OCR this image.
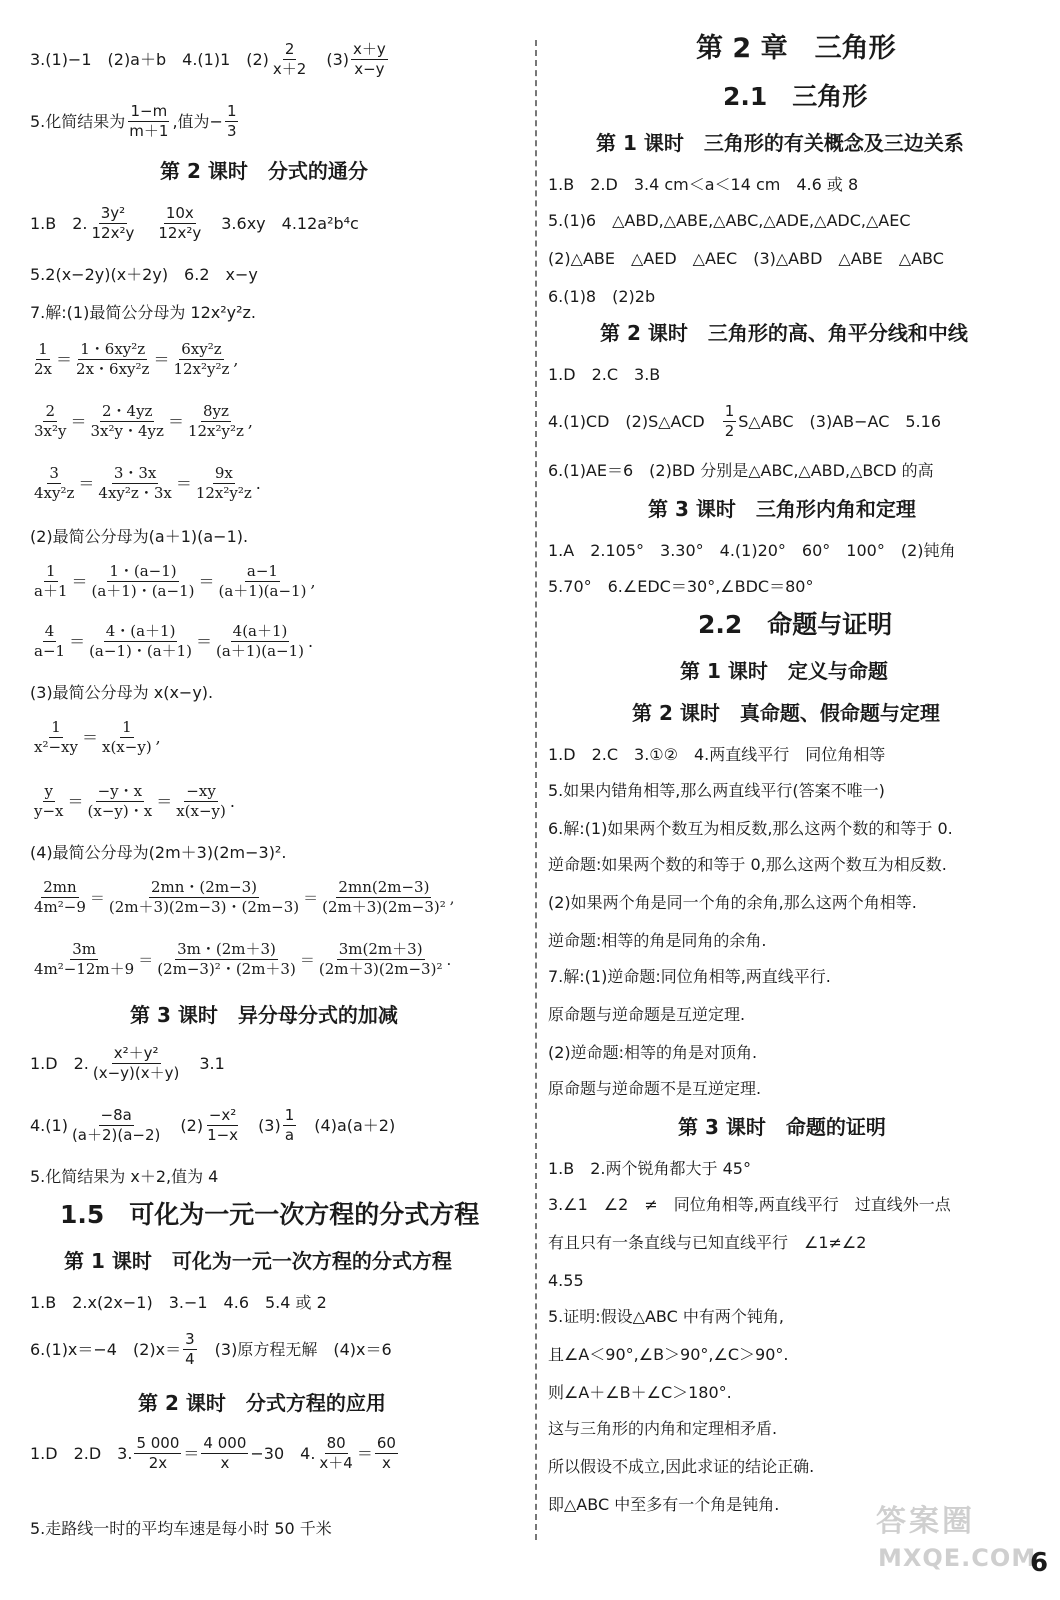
3.(1)−1　(2)a＋b　4.(1)1　$(2) \frac{2}{x+2}$ 　$(3) \frac{x+y}{x-y}$
5.化简结果为 $\frac{1-m}{m+1}$ ,值为− $\frac{1}{3}$
第 2 课时　分式的通分
1.B　2. $\frac{\text{3y²}}{\text{12x²y}}$
　 $\frac{10x}{\text{12x²y}}$ 　3.6xy　4.12a²b⁴c
5.2(x−2y)(x＋2y)　6.2　x−y
7.解:(1)最简公分母为 12x²y²z.
$\frac{1}{2x} = \frac{\text{1・6xy²z}}{\text{2x・6xy²z}} = \frac{\text{6xy²z}}{\text{12x²y²z}}$ ,
$\frac{2}{\text{3x²y}} = \frac{2・4yz}{\text{3x²y・4yz}} = \frac{8yz}{\text{12x²y²z}}$ ,
$\frac{3}{\text{4xy²z}} = \frac{3・3x}{\text{4xy²z・3x}} = \frac{9x}{\text{12x²y²z}}$ .
(2)最简公分母为(a＋1)(a−1).
$\frac{1}{a+1} = \frac{1・(a-1)}{(a+1)・(a-1)} = \frac{a-1}{(a+1)(a-1)}$ ,
$\frac{4}{a-1} = \frac{4・(a+1)}{(a-1)・(a+1)} = \frac{4(a+1)}{(a+1)(a-1)}$ .
(3)最简公分母为 x(x−y).
$\frac{1}{\text{x²−xy}} = \frac{1}{x(x-y)}$ ,
$\frac{y}{y-x} = \frac{-y・x}{(x-y)・x} = \frac{-xy}{x(x-y)}$ .
(4)最简公分母为(2m＋3)(2m−3)².
$\frac{2mn}{\text{4m²−9}} = \frac{2mn・(2m-3)}{(2m+3)(2m-3)・(2m-3)} = \frac{2mn(2m-3)}{\text{(2m＋3)(2m−3)²}}$ ,
$\frac{3m}{\text{4m²−12m＋9}} = \frac{3m・(2m+3)}{\text{(2m−3)²・(2m＋3)}} = \frac{3m(2m+3)}{\text{(2m＋3)(2m−3)²}}$ .
第 3 课时　异分母分式的加减
1.D　2. $\frac{\text{x²＋y²}}{(x-y)(x+y)}$ 　3.1
$4.(1) \frac{-8a}{(a+2)(a-2)}$ 　$(2) \frac{\text{−x²}}{1-x}$ 　$(3) \frac{1}{a}$ 　(4)a(a＋2)
5.化简结果为 x＋2,值为 4
1.5　可化为一元一次方程的分式方程
第 1 课时　可化为一元一次方程的分式方程
1.B　2.x(2x−1)　3.−1　4.6　5.4 或 2
6.(1)x＝−4　$(2)x= \frac{3}{4}$ 　(3)原方程无解　(4)x＝6
第 2 课时　分式方程的应用
1.D　2.D　3. $\frac{5 000}{2x} = \frac{4 000}{x} -30$　4. $\frac{80}{x+4} = \frac{60}{x}$
5.走路线一时的平均车速是每小时 50 千米
第 2 章　三角形
2.1　三角形
第 1 课时　三角形的有关概念及三边关系
1.B　2.D　3.4 cm＜a＜14 cm　4.6 或 8
5.(1)6　△ABD,△ABE,△ABC,△ADE,△ADC,△AEC
(2)△ABE　△AED　△AEC　(3)△ABD　△ABE　△ABC
6.(1)8　(2)2b
第 2 课时　三角形的高、角平分线和中线
1.D　2.C　3.B
4.(1)CD　(2)S△ACD　 $\frac{1}{2}$ S△ABC　(3)AB−AC　5.16
6.(1)AE＝6　(2)BD 分别是△ABC,△ABD,△BCD 的高
第 3 课时　三角形内角和定理
1.A　2.105°　3.30°　4.(1)20°　60°　100°　(2)钝角
5.70°　6.∠EDC＝30°,∠BDC＝80°
2.2　命题与证明
第 1 课时　定义与命题
第 2 课时　真命题、假命题与定理
1.D　2.C　3.①②　4.两直线平行　同位角相等
5.如果内错角相等,那么两直线平行(答案不唯一)
6.解:(1)如果两个数互为相反数,那么这两个数的和等于 0.
逆命题:如果两个数的和等于 0,那么这两个数互为相反数.
(2)如果两个角是同一个角的余角,那么这两个角相等.
逆命题:相等的角是同角的余角.
7.解:(1)逆命题:同位角相等,两直线平行.
原命题与逆命题是互逆定理.
(2)逆命题:相等的角是对顶角.
原命题与逆命题不是互逆定理.
第 3 课时　命题的证明
1.B　2.两个锐角都大于 45°
3.∠1　∠2　≠　同位角相等,两直线平行　过直线外一点
有且只有一条直线与已知直线平行　∠1≠∠2
4.55
5.证明:假设△ABC 中有两个钝角,
且∠A＜90°,∠B＞90°,∠C＞90°.
则∠A＋∠B＋∠C＞180°.
这与三角形的内角和定理相矛盾.
所以假设不成立,因此求证的结论正确.
即△ABC 中至多有一个角是钝角.	答案圈
MXQE.COM
6
